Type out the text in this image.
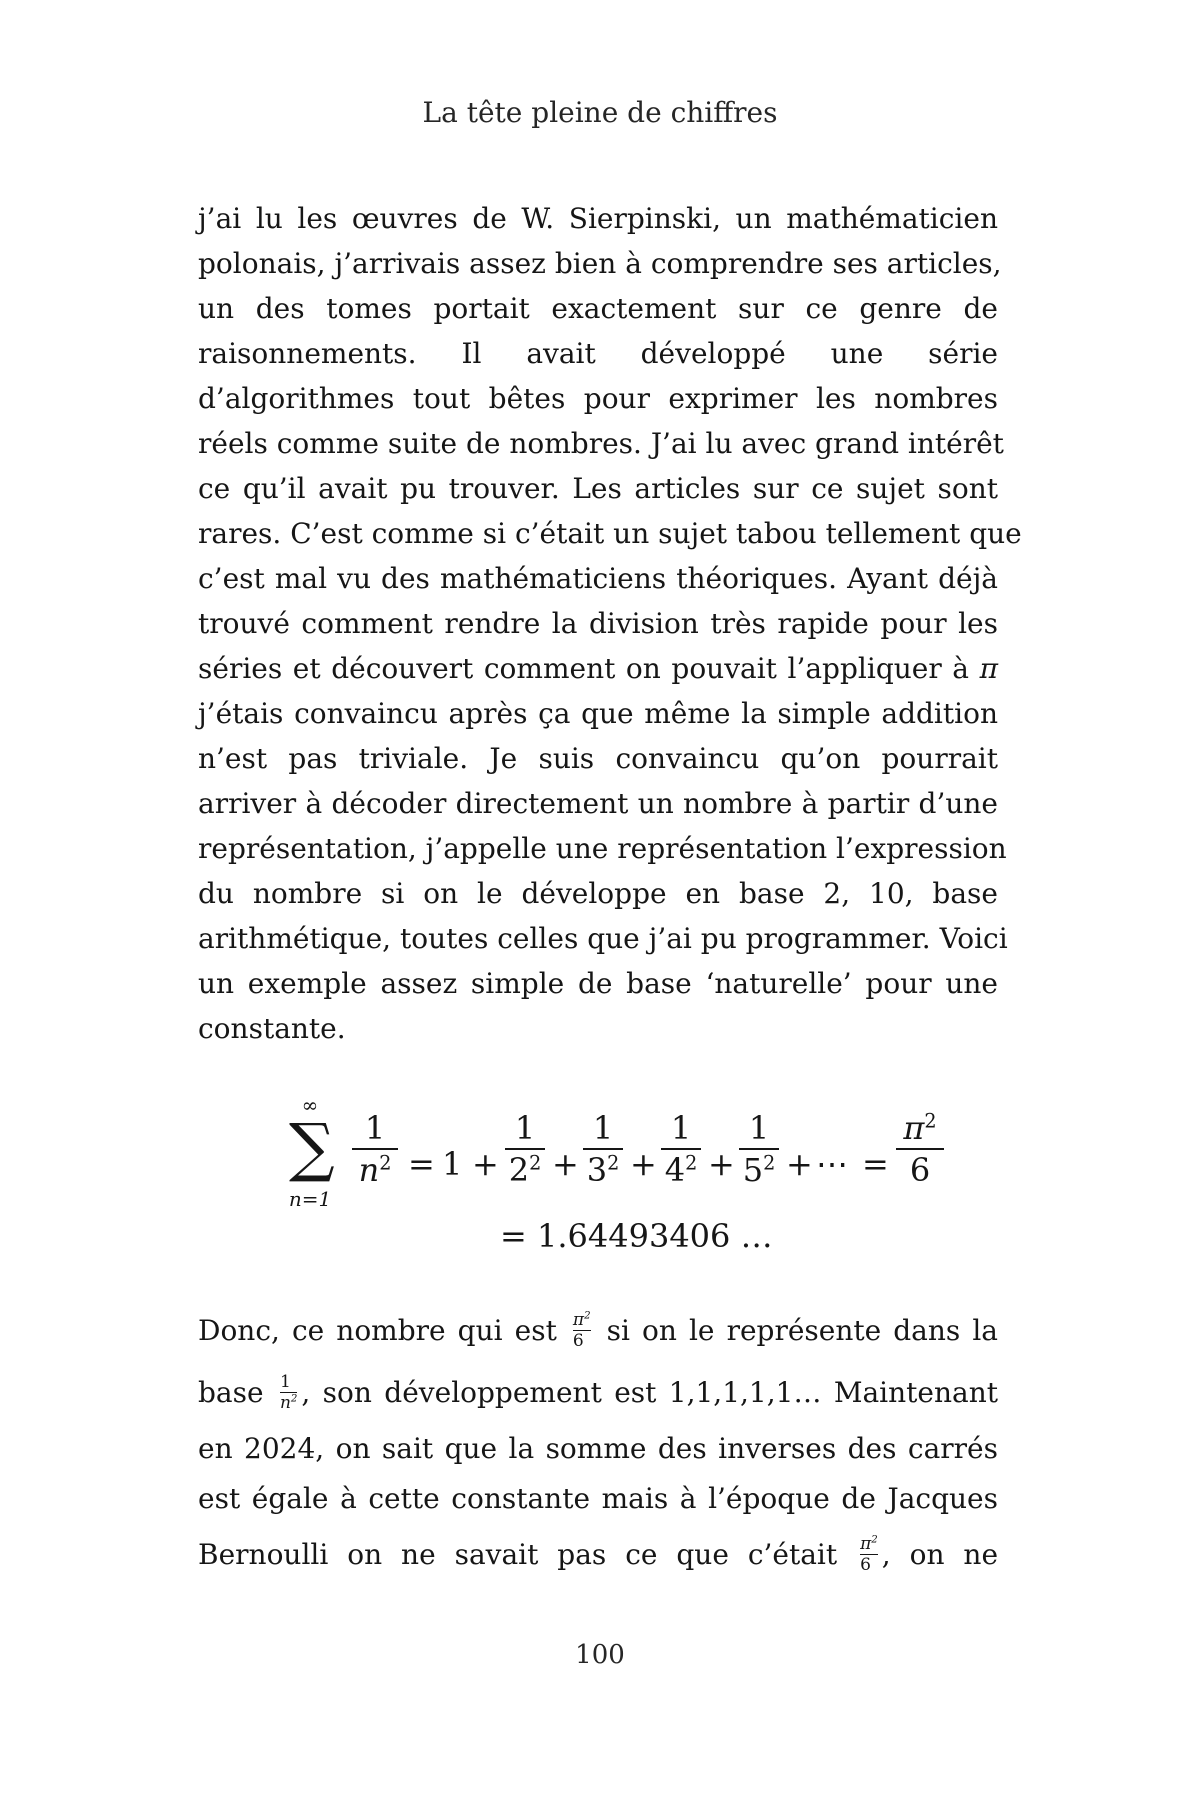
La tête pleine de chiffres
j’ai lu les œuvres de W. Sierpinski, un mathématicien
polonais, j’arrivais assez bien à comprendre ses articles,
un des tomes portait exactement sur ce genre de
raisonnements. Il avait développé une série
d’algorithmes tout bêtes pour exprimer les nombres
réels comme suite de nombres. J’ai lu avec grand intérêt
ce qu’il avait pu trouver. Les articles sur ce sujet sont
rares. C’est comme si c’était un sujet tabou tellement que
c’est mal vu des mathématiciens théoriques. Ayant déjà
trouvé comment rendre la division très rapide pour les
séries et découvert comment on pouvait l’appliquer à π
j’étais convaincu après ça que même la simple addition
n’est pas triviale. Je suis convaincu qu’on pourrait
arriver à décoder directement un nombre à partir d’une
représentation, j’appelle une représentation l’expression
du nombre si on le développe en base 2, 10, base
arithmétique, toutes celles que j’ai pu programmer. Voici
un exemple assez simple de base ‘naturelle’ pour une
constante.
∞
∑
n=1
1
$n^2 = 1$ +
1
$2^2$ +
1
$3^2$ +
1
$4^2$ +
1
$5^2$ + ⋯ =
$\pi^2$
6
= 1.64493406 …
Donc, ce nombre qui est $\frac{\pi^2}{6}$ si on le représente dans la
base $\frac{1}{n^2}$ , son développement est 1,1,1,1,1… Maintenant
en 2024, on sait que la somme des inverses des carrés
est égale à cette constante mais à l’époque de Jacques
Bernoulli on ne savait pas ce que c’était $\frac{\pi^2}{6}$ , on ne
100
